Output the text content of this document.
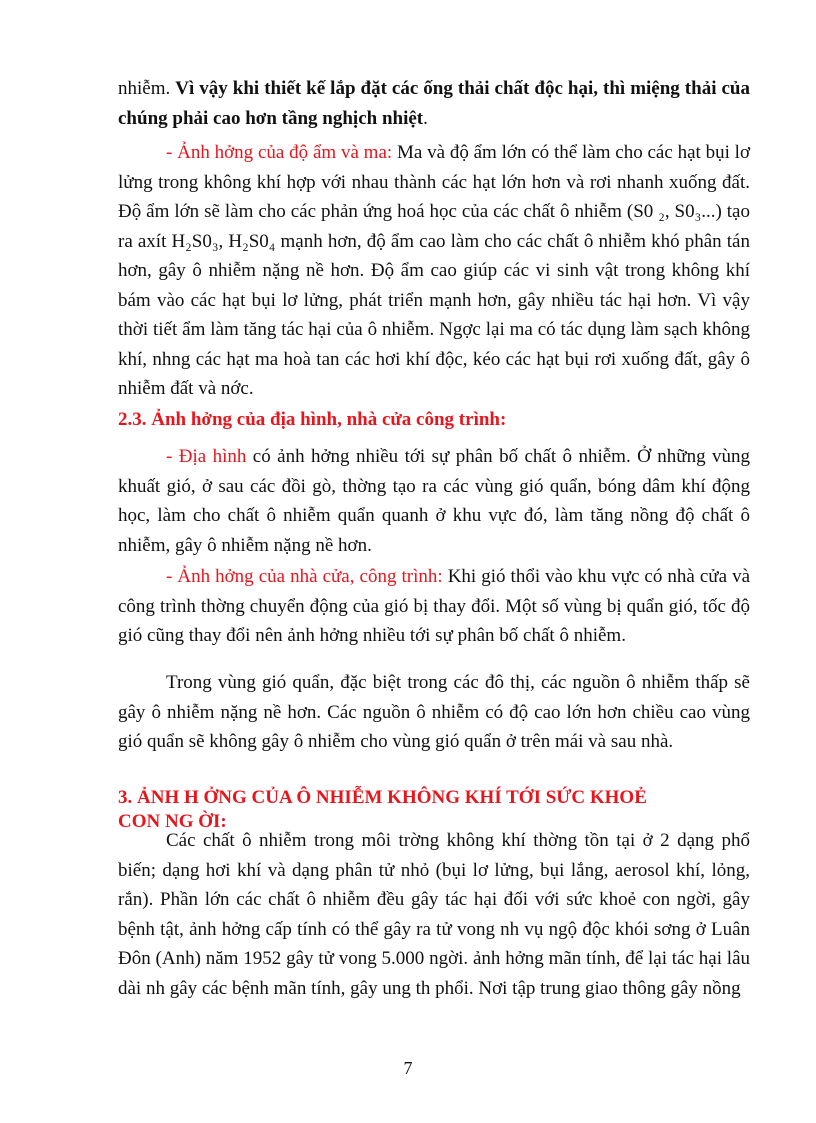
nhiễm. Vì vậy khi thiết kế lắp đặt các ống thải chất độc hại, thì miệng thải của chúng phải cao hơn tầng nghịch nhiệt.

- Ảnh hởng của độ ẩm và ma: Ma và độ ẩm lớn có thể làm cho các hạt bụi lơ lửng trong không khí hợp với nhau thành các hạt lớn hơn và rơi nhanh xuống đất. Độ ẩm lớn sẽ làm cho các phản ứng hoá học của các chất ô nhiễm (S0 ₂, S0₃...) tạo ra axít H₂S0₃, H₂S0₄ mạnh hơn, độ ẩm cao làm cho các chất ô nhiễm khó phân tán hơn, gây ô nhiễm nặng nề hơn. Độ ẩm cao giúp các vi sinh vật trong không khí bám vào các hạt bụi lơ lửng, phát triển mạnh hơn, gây nhiều tác hại hơn. Vì vậy thời tiết ẩm làm tăng tác hại của ô nhiễm. Ngợc lại ma có tác dụng làm sạch không khí, nhng các hạt ma hoà tan các hơi khí độc, kéo các hạt bụi rơi xuống đất, gây ô nhiễm đất và nớc.

2.3. Ảnh hởng của địa hình, nhà cửa công trình:

- Địa hình có ảnh hởng nhiều tới sự phân bố chất ô nhiễm. Ở những vùng khuất gió, ở sau các đồi gò, thờng tạo ra các vùng gió quẩn, bóng dâm khí động học, làm cho chất ô nhiễm quẩn quanh ở khu vực đó, làm tăng nồng độ chất ô nhiễm, gây ô nhiễm nặng nề hơn.

- Ảnh hởng của nhà cửa, công trình: Khi gió thổi vào khu vực có nhà cửa và công trình thờng chuyển động của gió bị thay đổi. Một số vùng bị quẩn gió, tốc độ gió cũng thay đổi nên ảnh hởng nhiều tới sự phân bố chất ô nhiễm.

Trong vùng gió quẩn, đặc biệt trong các đô thị, các nguồn ô nhiễm thấp sẽ gây ô nhiễm nặng nề hơn. Các nguồn ô nhiễm có độ cao lớn hơn chiều cao vùng gió quẩn sẽ không gây ô nhiễm cho vùng gió quẩn ở trên mái và sau nhà.

3. ẢNH H ỞNG CỦA Ô NHIỄM KHÔNG KHÍ TỚI SỨC KHOẺ
CON NG ỜI:

Các chất ô nhiễm trong môi trờng không khí thờng tồn tại ở 2 dạng phổ biến; dạng hơi khí và dạng phân tử nhỏ (bụi lơ lửng, bụi lắng, aerosol khí, lỏng, rắn). Phần lớn các chất ô nhiễm đều gây tác hại đối với sức khoẻ con ngời, gây bệnh tật, ảnh hởng cấp tính có thể gây ra tử vong nh vụ ngộ độc khói sơng ở Luân Đôn (Anh) năm 1952 gây tử vong 5.000 ngời. ảnh hởng mãn tính, để lại tác hại lâu dài nh gây các bệnh mãn tính, gây ung th phổi. Nơi tập trung giao thông gây nồng

7
